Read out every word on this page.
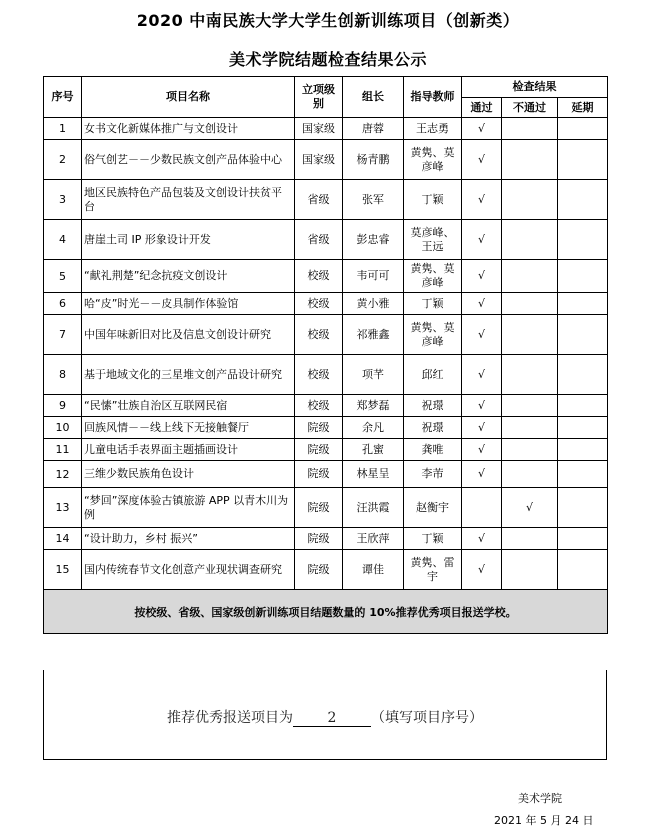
2020 中南民族大学大学生创新训练项目（创新类）
美术学院结题检查结果公示
序号	项目名称	立项级别	组长	指导教师	检查结果		
					通过	不通过	延期
1	女书文化新媒体推广与文创设计	国家级	唐蓉	王志勇	√		
2	俗气创艺－－少数民族文创产品体验中心	国家级	杨青鹏	黄隽、莫彦峰	√		
3	地区民族特色产品包装及文创设计扶贫平台	省级	张军	丁颖	√		
4	唐崖土司 IP 形象设计开发	省级	彭忠睿	莫彦峰、王远	√		
5	“献礼荆楚”纪念抗疫文创设计	校级	韦可可	黄隽、莫彦峰	√		
6	哈“皮”时光－－皮具制作体验馆	校级	黄小雅	丁颖	√		
7	中国年味新旧对比及信息文创设计研究	校级	祁雅鑫	黄隽、莫彦峰	√		
8	基于地域文化的三星堆文创产品设计研究	校级	项芊	邱红	√		
9	“民愫”壮族自治区互联网民宿	校级	郑梦磊	祝璟	√		
10	回族风情－－线上线下无接触餐厅	院级	余凡	祝璟	√		
11	儿童电话手表界面主题插画设计	院级	孔蜜	龚唯	√		
12	三维少数民族角色设计	院级	林星呈	李芾	√		
13	“梦回”深度体验古镇旅游 APP 以青木川为例	院级	汪洪霞	赵衡宇		√	
14	“设计助力，乡村 振兴”	院级	王欣萍	丁颖	√		
15	国内传统春节文化创意产业现状调查研究	院级	谭佳	黄隽、雷宇	√		
按校级、省级、国家级创新训练项目结题数量的 10%推荐优秀项目报送学校。							
推荐优秀报送项目为 2 （填写项目序号）
美术学院
2021 年 5 月 24 日
